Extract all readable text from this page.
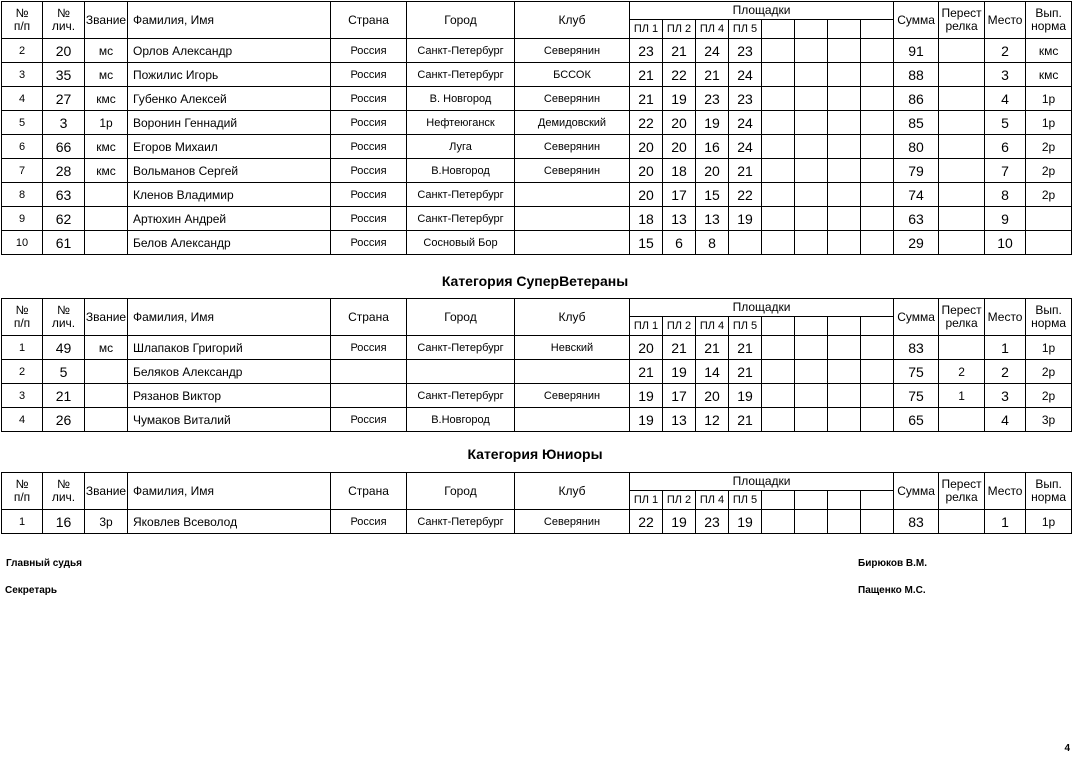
№
п/п	№
лич.	Звание	Фамилия, Имя	Страна	Город	Клуб	Площадки								Сумма	Перест
релка	Место	Вып.
норма
							ПЛ 1	ПЛ 2	ПЛ 4	ПЛ 5								
2	20	мс	Орлов Александр	Россия	Санкт-Петербург	Северянин	23	21	24	23					91		2	кмс
3	35	мс	Пожилис Игорь	Россия	Санкт-Петербург	БССОК	21	22	21	24					88		3	кмс
4	27	кмс	Губенко Алексей	Россия	В. Новгород	Северянин	21	19	23	23					86		4	1р
5	3	1р	Воронин Геннадий	Россия	Нефтеюганск	Демидовский	22	20	19	24					85		5	1р
6	66	кмс	Егоров Михаил	Россия	Луга	Северянин	20	20	16	24					80		6	2р
7	28	кмс	Вольманов Сергей	Россия	В.Новгород	Северянин	20	18	20	21					79		7	2р
8	63		Кленов Владимир	Россия	Санкт-Петербург		20	17	15	22					74		8	2р
9	62		Артюхин Андрей	Россия	Санкт-Петербург		18	13	13	19					63		9	
10	61		Белов Александр	Россия	Сосновый Бор		15	6	8						29		10	
Категория СуперВетераны
№
п/п	№
лич.	Звание	Фамилия, Имя	Страна	Город	Клуб	Площадки								Сумма	Перест
релка	Место	Вып.
норма
							ПЛ 1	ПЛ 2	ПЛ 4	ПЛ 5								
1	49	мс	Шлапаков Григорий	Россия	Санкт-Петербург	Невский	20	21	21	21					83		1	1р
2	5		Беляков Александр				21	19	14	21					75	2	2	2р
3	21		Рязанов Виктор		Санкт-Петербург	Северянин	19	17	20	19					75	1	3	2р
4	26		Чумаков Виталий	Россия	В.Новгород		19	13	12	21					65		4	3р
Категория Юниоры
№
п/п	№
лич.	Звание	Фамилия, Имя	Страна	Город	Клуб	Площадки								Сумма	Перест
релка	Место	Вып.
норма
							ПЛ 1	ПЛ 2	ПЛ 4	ПЛ 5								
1	16	3р	Яковлев Всеволод	Россия	Санкт-Петербург	Северянин	22	19	23	19					83		1	1р
Главный судья	Бирюков В.М.
Секретарь	Пащенко М.С.
4
